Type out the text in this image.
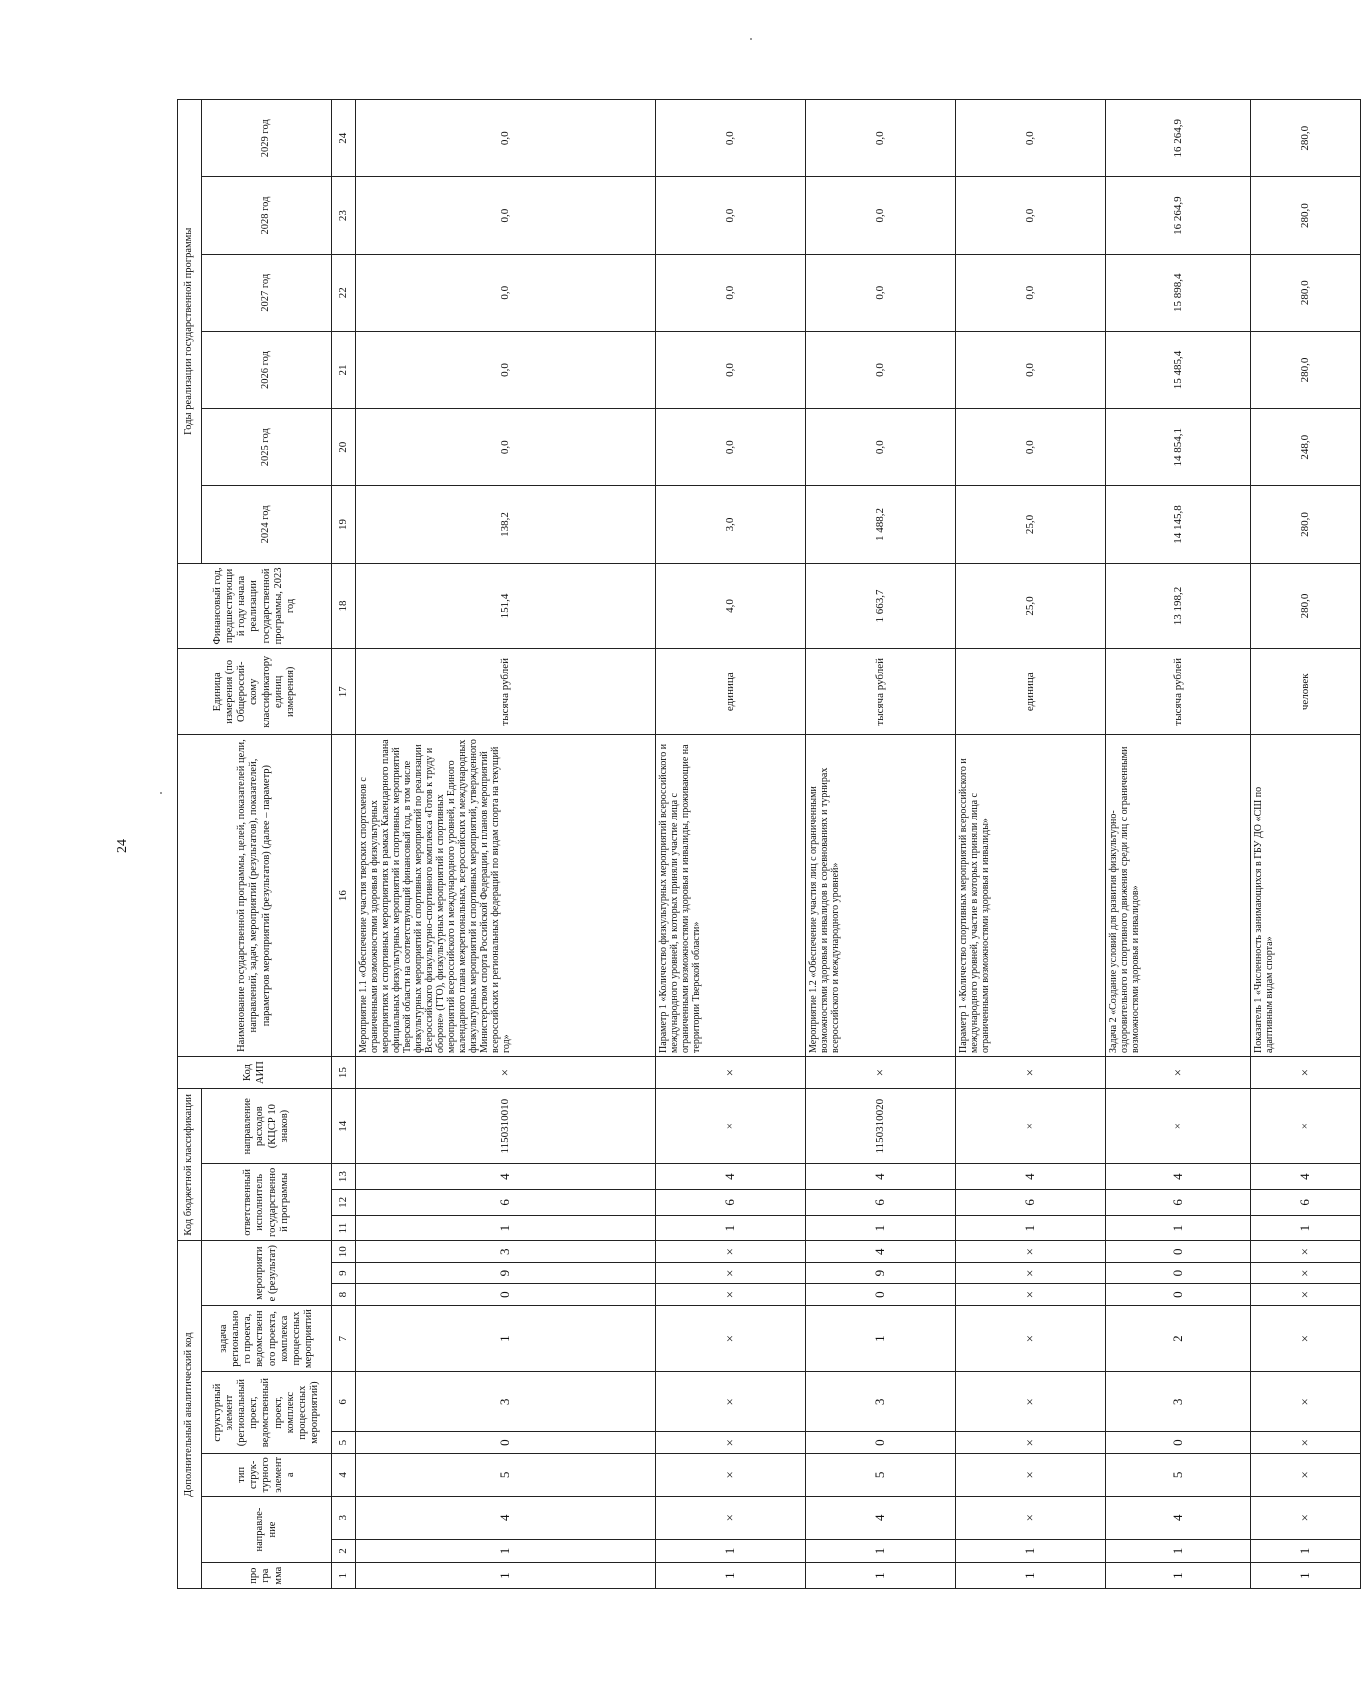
24
Дополнительный аналитический код										Код бюджетной классификации				Код АИП	Наименование государственной программы, целей, показателей цели, направлений, задач, мероприятий (результатов), показателей, параметров мероприятий (результатов) (далее – параметр)	Единица измерения (по Общероссий-скому классификатору единиц измерения)	Финансовый год, предшествующий году начала реализации государственной программы, 2023 год	Годы реализации государственной программы					
программа	направле-ние		тип струк-турного элемента	структурный элемент (региональный проект, ведомственный проект, комплекс процессных мероприятий)		задача регионального проекта, ведомственного проекта, комплекса процессных мероприятий	мероприятие (результат)			ответственный исполнитель государственной программы			направление расходов (КЦСР 10 знаков)					2024 год	2025 год	2026 год	2027 год	2028 год	2029 год

1	2	3	4	5	6	7	8	9	10	11	12	13	14	15	16	17	18	19	20	21	22	23	24
1	1	4	5	0	3	1	0	9	3	1	6	4	1150310010	×	Мероприятие 1.1 «Обеспечение участия тверских спортсменов с ограниченными возможностями здоровья в физкультурных мероприятиях и спортивных мероприятиях в рамках Календарного плана официальных физкультурных мероприятий и спортивных мероприятий Тверской области на соответствующий финансовый год, в том числе физкультурных мероприятий и спортивных мероприятий по реализации Всероссийского физкультурно-спортивного комплекса «Готов к труду и обороне» (ГТО), физкультурных мероприятий и спортивных мероприятий всероссийского и международного уровней, и Единого календарного плана межрегиональных, всероссийских и международных физкультурных мероприятий и спортивных мероприятий, утвержденного Министерством спорта Российской Федерации, и планов мероприятий всероссийских и региональных федераций по видам спорта на текущий год»	тысяча рублей	151,4	138,2	0,0	0,0	0,0	0,0	0,0
1	1	×	×	×	×	×	×	×	×	1	6	4	×	×	Параметр 1 «Количество физкультурных мероприятий всероссийского и международного уровней, в которых приняли участие лица с ограниченными возможностями здоровья и инвалиды, проживающие на территории Тверской области»	единица	4,0	3,0	0,0	0,0	0,0	0,0	0,0
1	1	4	5	0	3	1	0	9	4	1	6	4	1150310020	×	Мероприятие 1.2 «Обеспечение участия лиц с ограниченными возможностями здоровья и инвалидов в соревнованиях и турнирах всероссийского и международного уровней»	тысяча рублей	1 663,7	1 488,2	0,0	0,0	0,0	0,0	0,0
1	1	×	×	×	×	×	×	×	×	1	6	4	×	×	Параметр 1 «Количество спортивных мероприятий всероссийского и международного уровней, участие в которых приняли лица с ограниченными возможностями здоровья и инвалиды»	единица	25,0	25,0	0,0	0,0	0,0	0,0	0,0
1	1	4	5	0	3	2	0	0	0	1	6	4	×	×	Задача 2 «Создание условий для развития физкультурно-оздоровительного и спортивного движения среди лиц с ограниченными возможностями здоровья и инвалидов»	тысяча рублей	13 198,2	14 145,8	14 854,1	15 485,4	15 898,4	16 264,9	16 264,9
1	1	×	×	×	×	×	×	×	×	1	6	4	×	×	Показатель 1 «Численность занимающихся в ГБУ ДО «СШ по адаптивным видам спорта»	человек	280,0	280,0	248,0	280,0	280,0	280,0	280,0
